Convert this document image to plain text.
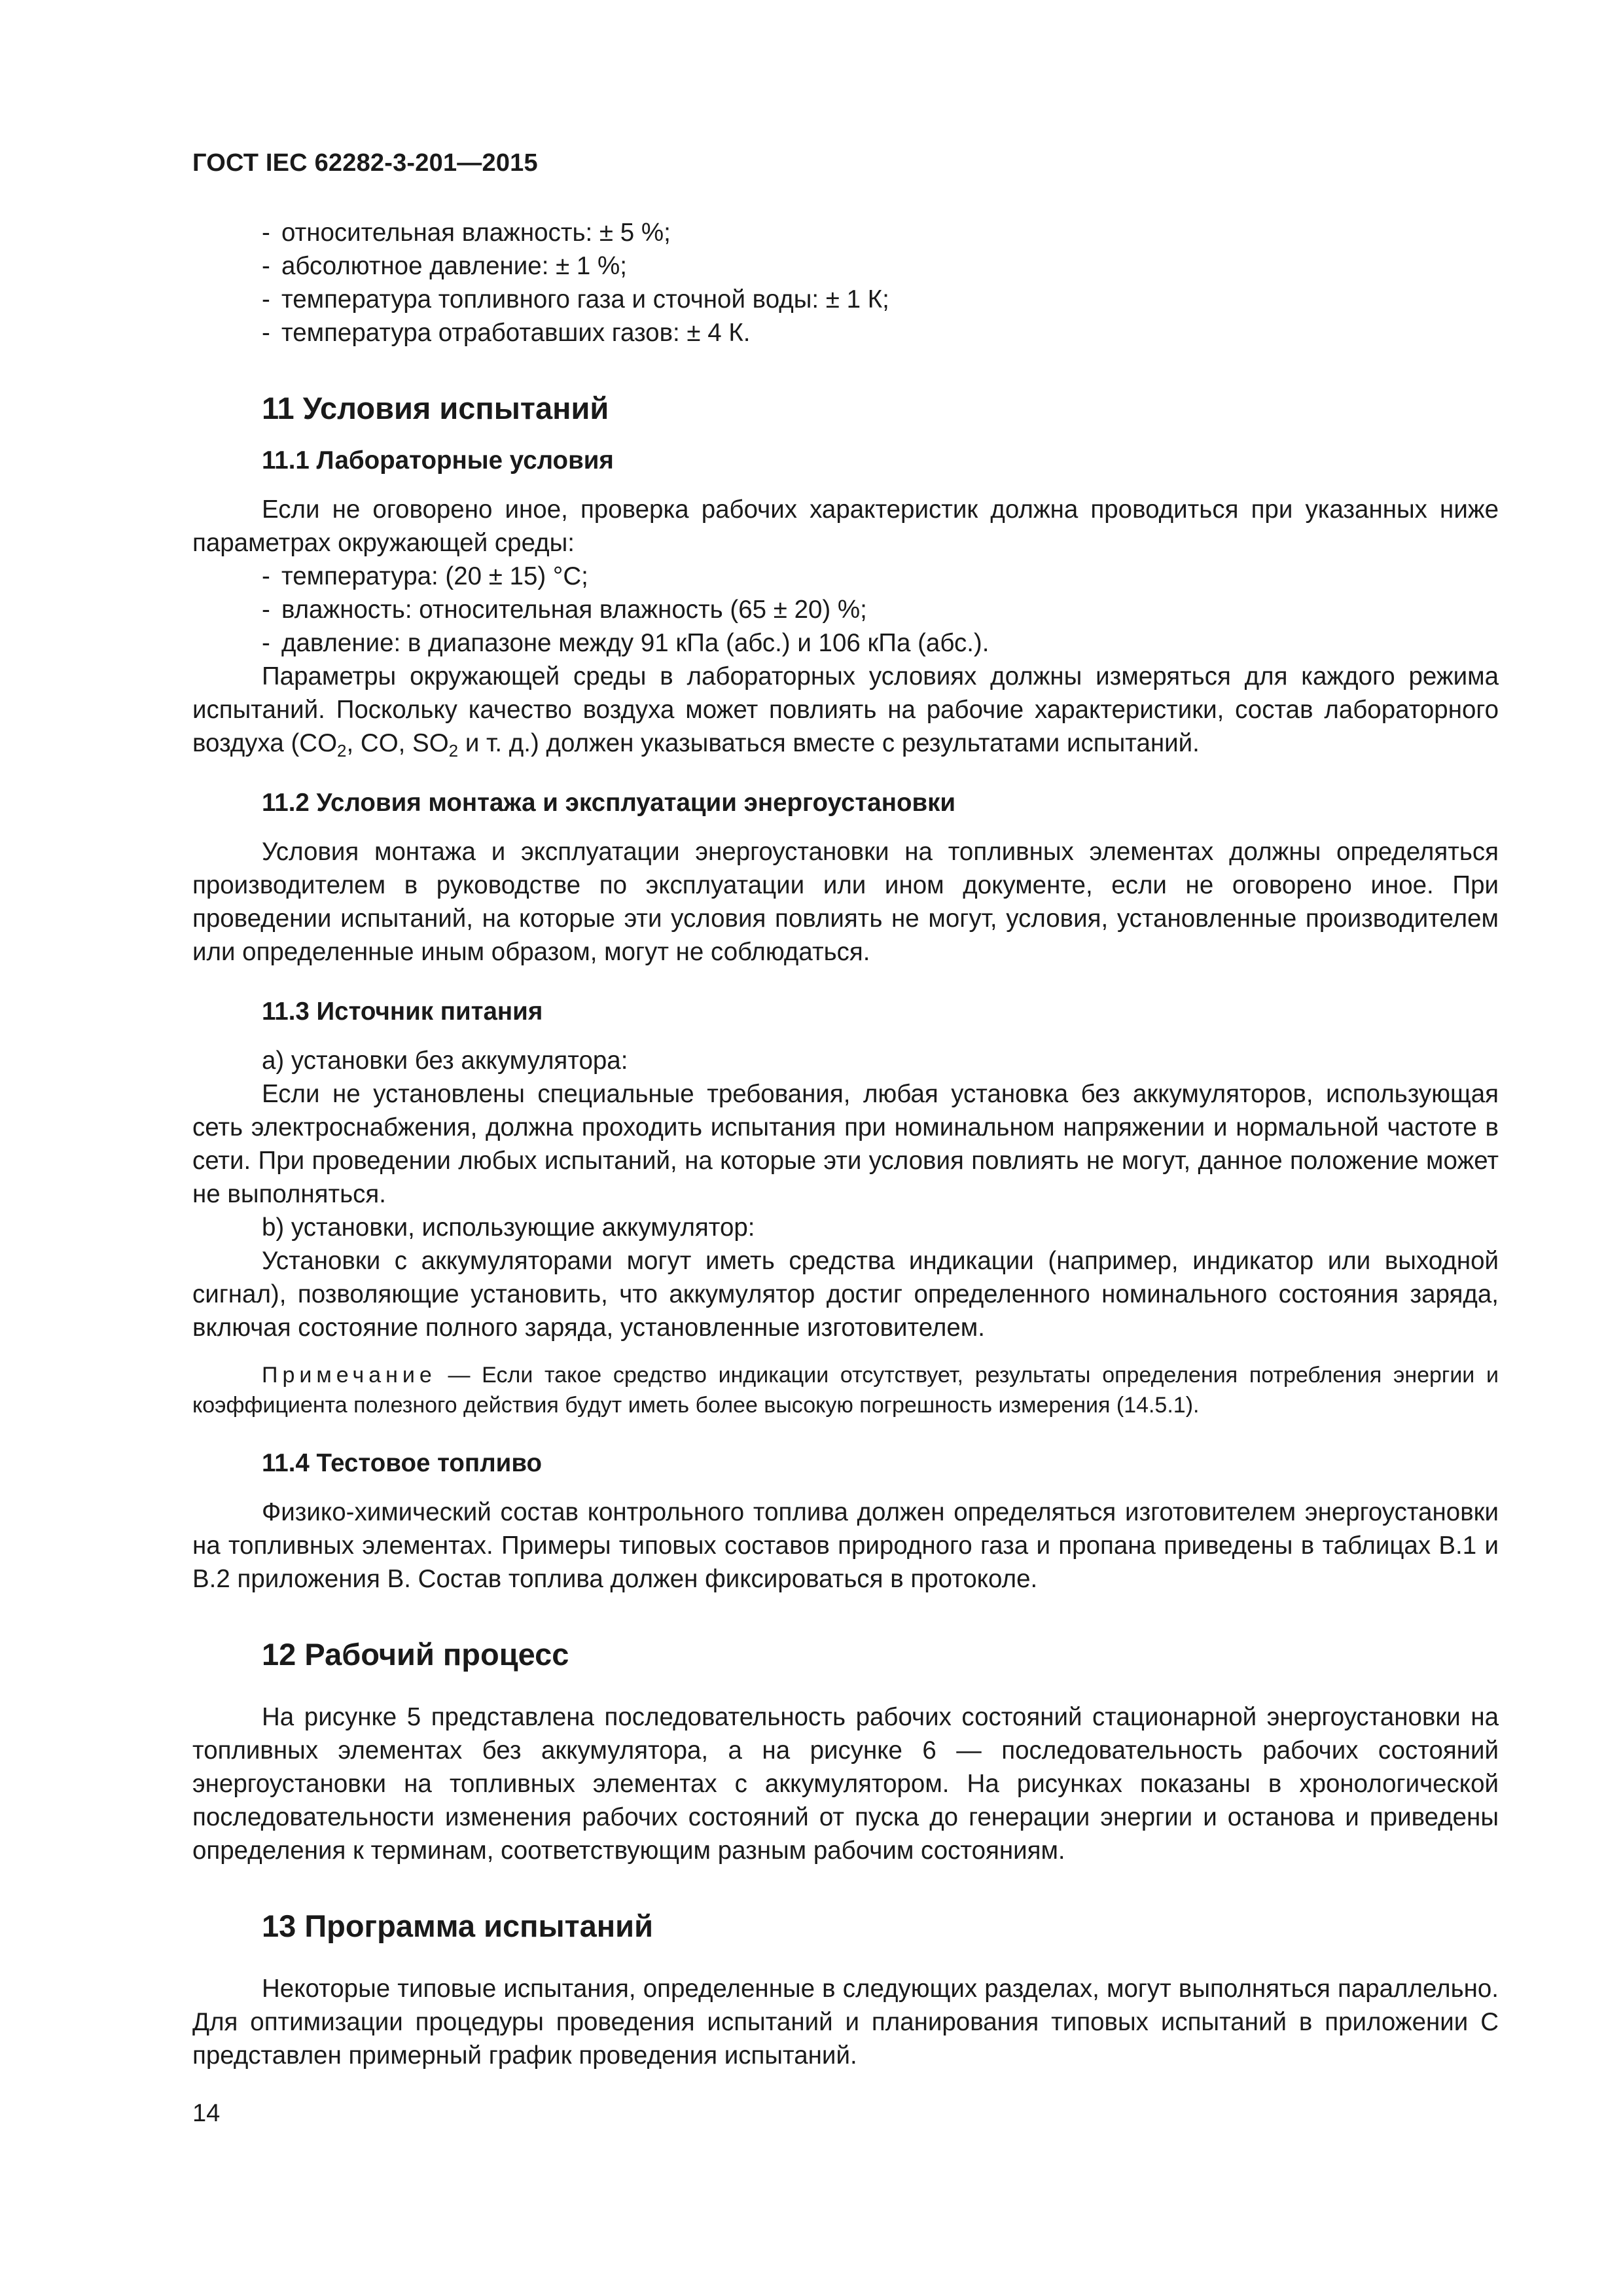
ГОСТ IEC 62282-3-201—2015
- относительная влажность: ± 5 %;
- абсолютное давление: ± 1 %;
- температура топливного газа и сточной воды: ± 1 К;
- температура отработавших газов: ± 4 К.
11 Условия испытаний
11.1 Лабораторные условия

Если не оговорено иное, проверка рабочих характеристик должна проводиться при указанных ниже параметрах окружающей среды:

- температура: (20 ± 15) °С;
- влажность: относительная влажность (65 ± 20) %;
- давление: в диапазоне между 91 кПа (абс.) и 106 кПа (абс.).

Параметры окружающей среды в лабораторных условиях должны измеряться для каждого режима испытаний. Поскольку качество воздуха может повлиять на рабочие характеристики, состав лабораторного воздуха ($CO_2$, CO, $SO_2$ и т. д.) должен указываться вместе с результатами испытаний.

11.2 Условия монтажа и эксплуатации энергоустановки

Условия монтажа и эксплуатации энергоустановки на топливных элементах должны определяться производителем в руководстве по эксплуатации или ином документе, если не оговорено иное. При проведении испытаний, на которые эти условия повлиять не могут, условия, установленные производителем или определенные иным образом, могут не соблюдаться.

11.3 Источник питания
а) установки без аккумулятора:

Если не установлены специальные требования, любая установка без аккумуляторов, использующая сеть электроснабжения, должна проходить испытания при номинальном напряжении и нормальной частоте в сети. При проведении любых испытаний, на которые эти условия повлиять не могут, данное положение может не выполняться.

b) установки, использующие аккумулятор:

Установки с аккумуляторами могут иметь средства индикации (например, индикатор или выходной сигнал), позволяющие установить, что аккумулятор достиг определенного номинального состояния заряда, включая состояние полного заряда, установленные изготовителем.

Примечание — Если такое средство индикации отсутствует, результаты определения потребления энергии и коэффициента полезного действия будут иметь более высокую погрешность измерения (14.5.1).

11.4 Тестовое топливо

Физико-химический состав контрольного топлива должен определяться изготовителем энергоустановки на топливных элементах. Примеры типовых составов природного газа и пропана приведены в таблицах В.1 и В.2 приложения В. Состав топлива должен фиксироваться в протоколе.

12 Рабочий процесс

На рисунке 5 представлена последовательность рабочих состояний стационарной энергоустановки на топливных элементах без аккумулятора, а на рисунке 6 — последовательность рабочих состояний энергоустановки на топливных элементах с аккумулятором. На рисунках показаны в хронологической последовательности изменения рабочих состояний от пуска до генерации энергии и останова и приведены определения к терминам, соответствующим разным рабочим состояниям.

13 Программа испытаний

Некоторые типовые испытания, определенные в следующих разделах, могут выполняться параллельно. Для оптимизации процедуры проведения испытаний и планирования типовых испытаний в приложении С представлен примерный график проведения испытаний.

14
